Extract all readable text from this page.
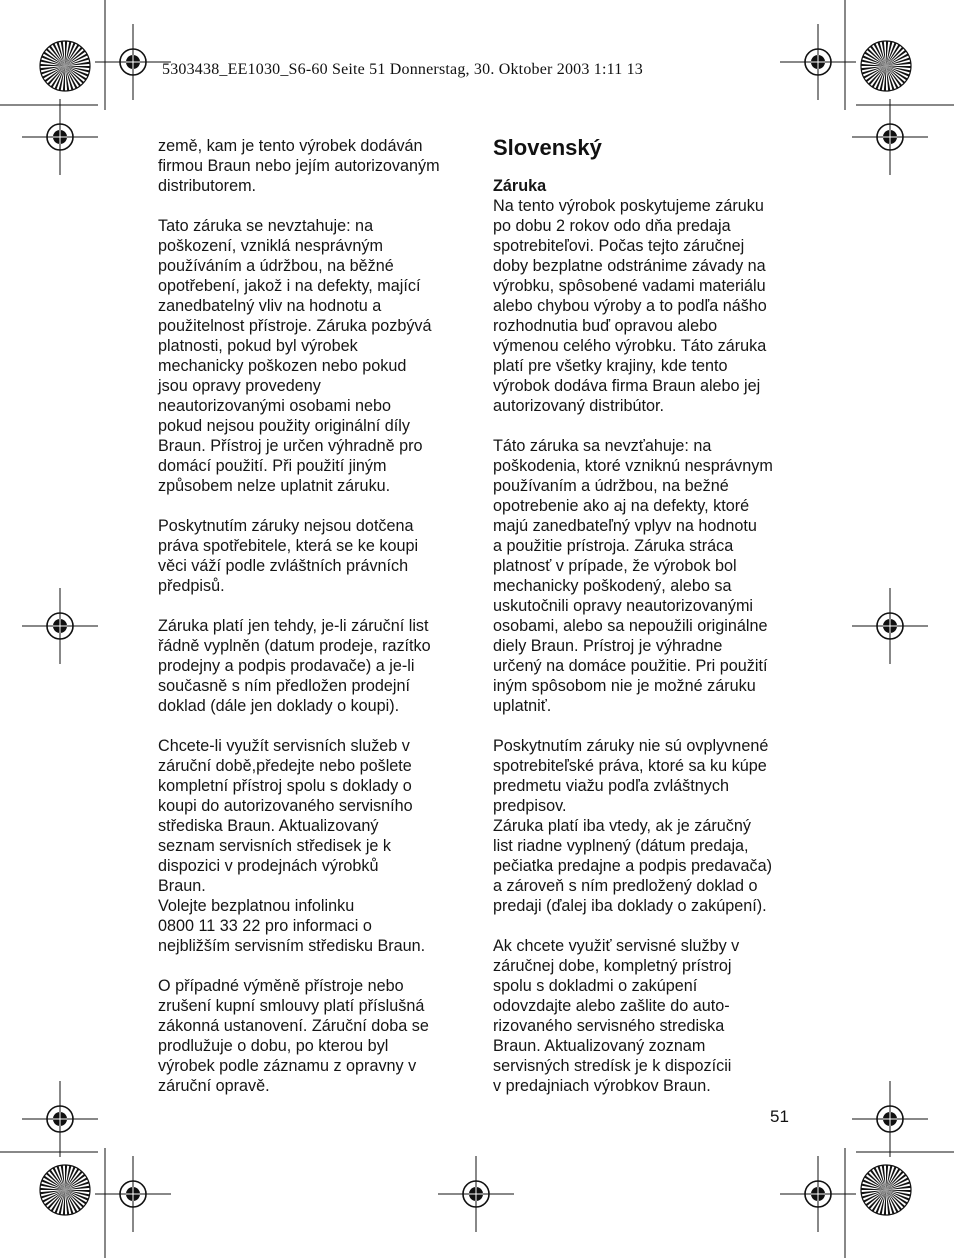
5303438_EE1030_S6-60 Seite 51 Donnerstag, 30. Oktober 2003 1:11 13

země, kam je tento výrobek dodáván
firmou Braun nebo jejím autorizovaným
distributorem.

Tato záruka se nevztahuje: na
poškození, vzniklá nesprávným
používáním a údržbou, na běžné
opotřebení, jakož i na defekty, mající
zanedbatelný vliv na hodnotu a
použitelnost přístroje. Záruka pozbývá
platnosti, pokud byl výrobek
mechanicky poškozen nebo pokud
jsou opravy provedeny
neautorizovanými osobami nebo
pokud nejsou použity originální díly
Braun. Přístroj je určen výhradně pro
domácí použití. Při použití jiným
způsobem nelze uplatnit záruku.

Poskytnutím záruky nejsou dotčena
práva spotřebitele, která se ke koupi
věci váží podle zvláštních právních
předpisů.

Záruka platí jen tehdy, je-li záruční list
řádně vyplněn (datum prodeje, razítko
prodejny a podpis prodavače) a je-li
současně s ním předložen prodejní
doklad (dále jen doklady o koupi).

Chcete-li využít servisních služeb v
záruční době,předejte nebo pošlete
kompletní přístroj spolu s doklady o
koupi do autorizovaného servisního
střediska Braun. Aktualizovaný
seznam servisních středisek je k
dispozici v prodejnách výrobků
Braun.
Volejte bezplatnou infolinku
0800 11 33 22 pro informaci o
nejbližším servisním středisku Braun.

O případné výměně přístroje nebo
zrušení kupní smlouvy platí příslušná
zákonná ustanovení. Záruční doba se
prodlužuje o dobu, po kterou byl
výrobek podle záznamu z opravny v
záruční opravě.

Slovenský

Záruka

Na tento výrobok poskytujeme záruku
po dobu 2 rokov odo dňa predaja
spotrebiteľovi. Počas tejto záručnej
doby bezplatne odstránime závady na
výrobku, spôsobené vadami materiálu
alebo chybou výroby a to podľa nášho
rozhodnutia buď opravou alebo
výmenou celého výrobku. Táto záruka
platí pre všetky krajiny, kde tento
výrobok dodáva firma Braun alebo jej
autorizovaný distribútor.

Táto záruka sa nevzťahuje: na
poškodenia, ktoré vzniknú nesprávnym
používaním a údržbou, na bežné
opotrebenie ako aj na defekty, ktoré
majú zanedbateľný vplyv na hodnotu
a použitie prístroja. Záruka stráca
platnosť v prípade, že výrobok bol
mechanicky poškodený, alebo sa
uskutočnili opravy neautorizovanými
osobami, alebo sa nepoužili originálne
diely Braun. Prístroj je výhradne
určený na domáce použitie. Pri použití
iným spôsobom nie je možné záruku
uplatniť.

Poskytnutím záruky nie sú ovplyvnené
spotrebiteľské práva, ktoré sa ku kúpe
predmetu viažu podľa zvláštnych
predpisov.
Záruka platí iba vtedy, ak je záručný
list riadne vyplnený (dátum predaja,
pečiatka predajne a podpis predavača)
a zároveň s ním predložený doklad o
predaji (ďalej iba doklady o zakúpení).

Ak chcete využiť servisné služby v
záručnej dobe, kompletný prístroj
spolu s dokladmi o zakúpení
odovzdajte alebo zašlite do auto-
rizovaného servisného strediska
Braun. Aktualizovaný zoznam
servisných stredísk je k dispozícii
v predajniach výrobkov Braun.

51
